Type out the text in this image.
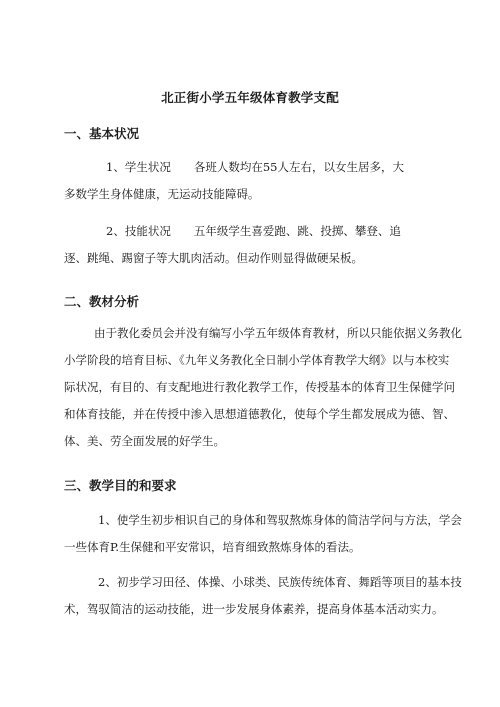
北正街小学五年级体育教学支配
一、基本状况
1、学生状况　　各班人数均在55人左右，以女生居多，大
多数学生身体健康，无运动技能障碍。
2、技能状况　　五年级学生喜爱跑、跳、投掷、攀登、追
逐、跳绳、踢窗子等大肌肉活动。但动作则显得做硬呆板。
二、教材分析
由于教化委员会并没有编写小学五年级体育教材，所以只能依据义务教化
小学阶段的培育目标、《九年义务教化全日制小学体育教学大纲》以与本校实
际状况，有目的、有支配地进行教化教学工作，传授基本的体育卫生保健学问
和体育技能，并在传授中渗入思想道德教化，使每个学生都发展成为德、智、
体、美、劳全面发展的好学生。
三、教学目的和要求
1、使学生初步相识自己的身体和驾驭熬炼身体的简洁学问与方法，学会
一些体育P.生保健和平安常识，培育细致熬炼身体的看法。
2、初步学习田径、体操、小球类、民族传统体育、舞蹈等项目的基本技
术，驾驭简洁的运动技能，进一步发展身体素养，提高身体基本活动实力。
